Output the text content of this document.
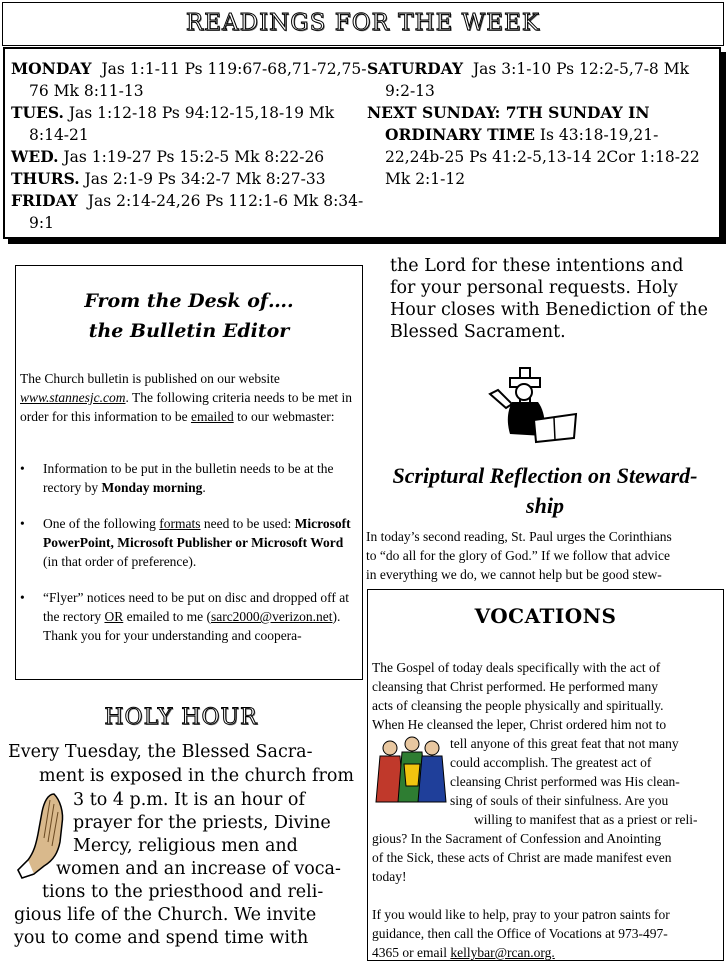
READINGS FOR THE WEEK

MONDAY Jas 1:1-11 Ps 119:67-68,71-72,75-76 Mk 8:11-13

TUES. Jas 1:12-18 Ps 94:12-15,18-19 Mk 8:14-21

WED. Jas 1:19-27 Ps 15:2-5 Mk 8:22-26

THURS. Jas 2:1-9 Ps 34:2-7 Mk 8:27-33

FRIDAY Jas 2:14-24,26 Ps 112:1-6 Mk 8:34-9:1

SATURDAY Jas 3:1-10 Ps 12:2-5,7-8 Mk 9:2-13

NEXT SUNDAY: 7TH SUNDAY IN ORDINARY TIME Is 43:18-19,21-22,24b-25 Ps 41:2-5,13-14 2Cor 1:18-22 Mk 2:1-12

From the Desk of….
the Bulletin Editor

The Church bulletin is published on our website www.stannesjc.com. The following criteria needs to be met in order for this information to be emailed to our webmaster:

• Information to be put in the bulletin needs to be at the rectory by Monday morning.
• One of the following formats need to be used: Microsoft PowerPoint, Microsoft Publisher or Microsoft Word (in that order of preference).
• “Flyer” notices need to be put on disc and dropped off at the rectory OR emailed to me (sarc2000@verizon.net).
Thank you for your understanding and coopera-
HOLY HOUR
Every Tuesday, the Blessed Sacra-
ment is exposed in the church from
3 to 4 p.m. It is an hour of
prayer for the priests, Divine
Mercy, religious men and
women and an increase of voca-
tions to the priesthood and reli-
gious life of the Church. We invite
you to come and spend time with
the Lord for these intentions and
for your personal requests. Holy
Hour closes with Benediction of the
Blessed Sacrament.
Scriptural Reflection on Steward-
ship
In today’s second reading, St. Paul urges the Corinthians
to “do all for the glory of God.” If we follow that advice
in everything we do, we cannot help but be good stew-
VOCATIONS
The Gospel of today deals specifically with the act of
cleansing that Christ performed. He performed many
acts of cleansing the people physically and spiritually.
When He cleansed the leper, Christ ordered him not to
tell anyone of this great feat that not many
could accomplish. The greatest act of
cleansing Christ performed was His clean-
sing of souls of their sinfulness. Are you
willing to manifest that as a priest or reli-
gious? In the Sacrament of Confession and Anointing
of the Sick, these acts of Christ are made manifest even
today!
If you would like to help, pray to your patron saints for
guidance, then call the Office of Vocations at 973-497-
4365 or email kellybar@rcan.org.
